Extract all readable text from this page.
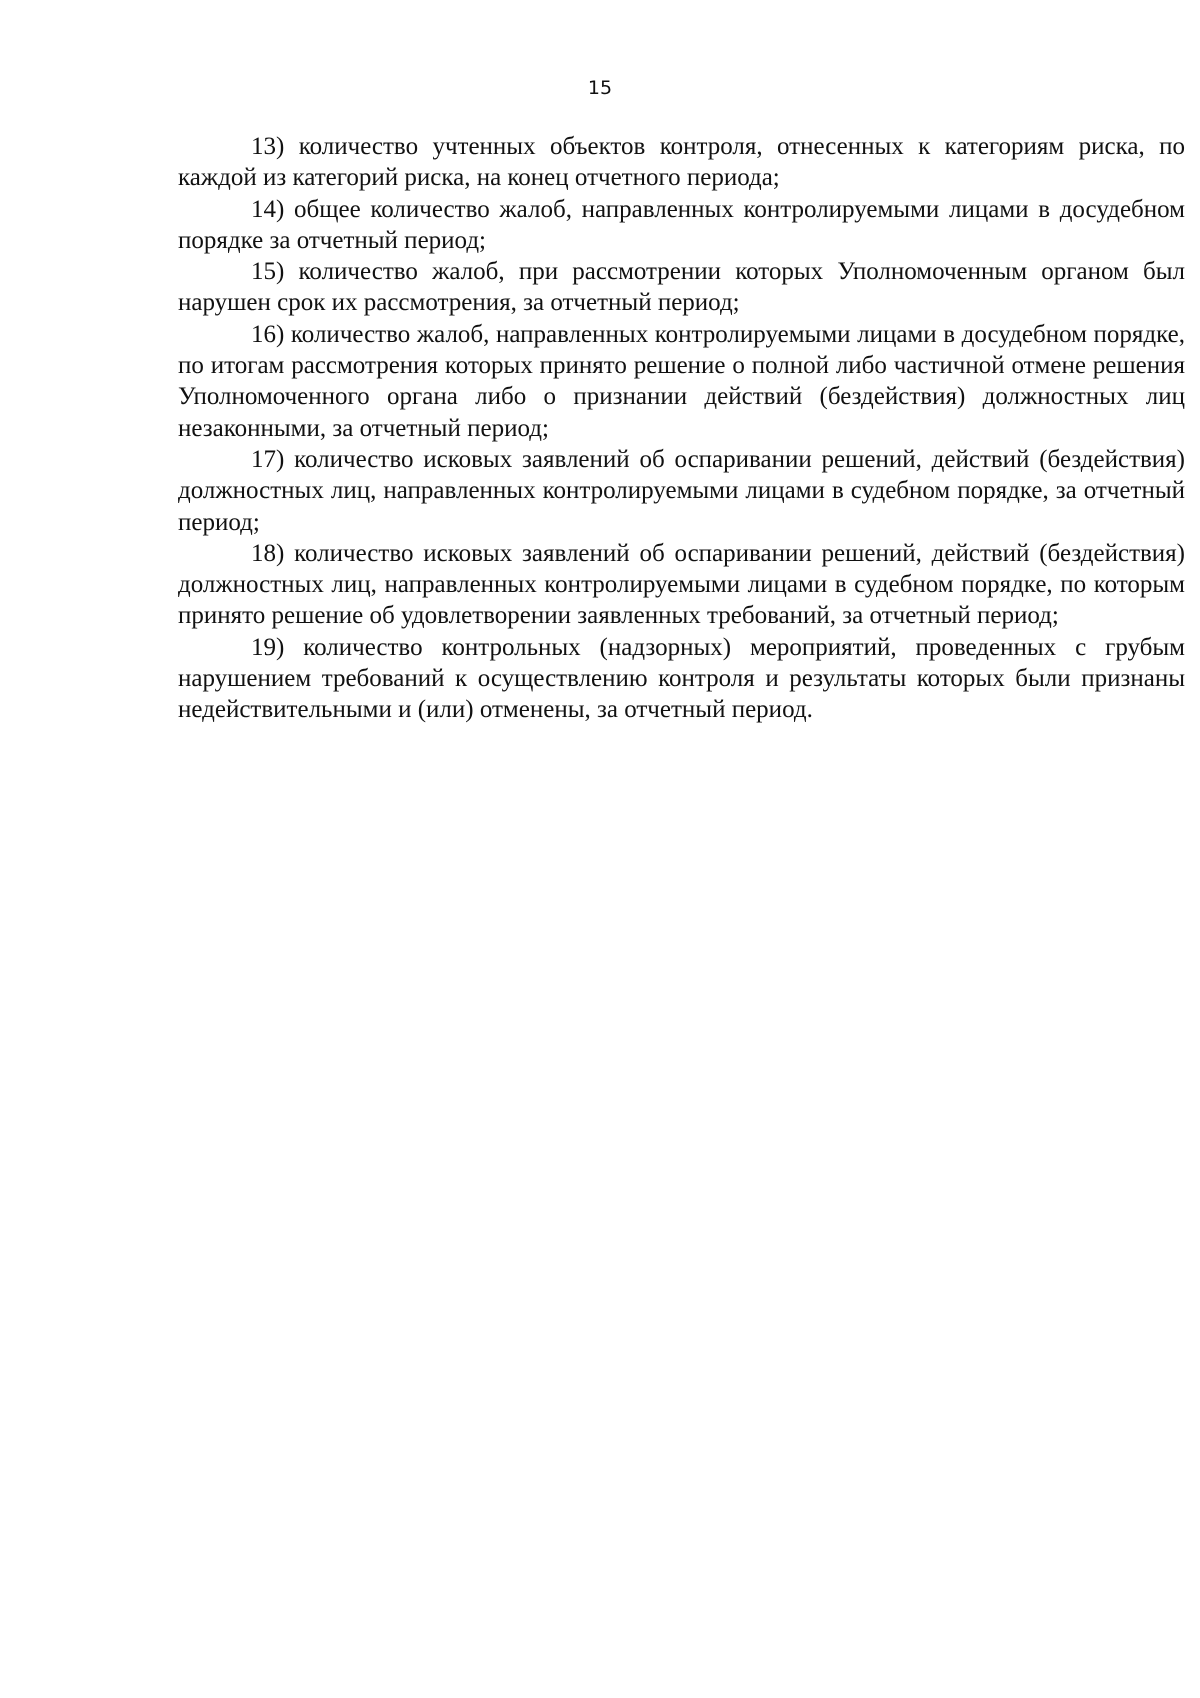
15

13) количество учтенных объектов контроля, отнесенных к категориям риска, по каждой из категорий риска, на конец отчетного периода;

14) общее количество жалоб, направленных контролируемыми лицами в досудебном порядке за отчетный период;

15) количество жалоб, при рассмотрении которых Уполномоченным органом был нарушен срок их рассмотрения, за отчетный период;

16) количество жалоб, направленных контролируемыми лицами в досудебном порядке, по итогам рассмотрения которых принято решение о полной либо частичной отмене решения Уполномоченного органа либо о признании действий (бездействия) должностных лиц незаконными, за отчетный период;

17) количество исковых заявлений об оспаривании решений, действий (бездействия) должностных лиц, направленных контролируемыми лицами в судебном порядке, за отчетный период;

18) количество исковых заявлений об оспаривании решений, действий (бездействия) должностных лиц, направленных контролируемыми лицами в судебном порядке, по которым принято решение об удовлетворении заявленных требований, за отчетный период;

19) количество контрольных (надзорных) мероприятий, проведенных с грубым нарушением требований к осуществлению контроля и результаты которых были признаны недействительными и (или) отменены, за отчетный период.
